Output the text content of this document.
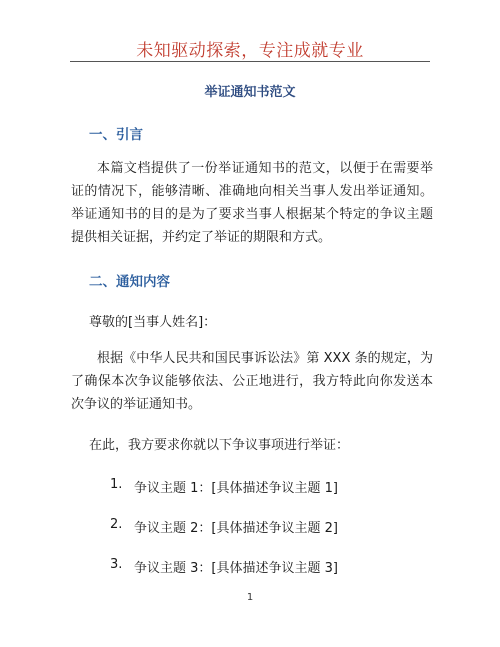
未知驱动探索，专注成就专业
举证通知书范文
一、引言
本篇文档提供了一份举证通知书的范文，以便于在需要举证的情况下，能够清晰、准确地向相关当事人发出举证通知。举证通知书的目的是为了要求当事人根据某个特定的争议主题提供相关证据，并约定了举证的期限和方式。
二、通知内容
尊敬的[当事人姓名]：
根据《中华人民共和国民事诉讼法》第 XXX 条的规定，为了确保本次争议能够依法、公正地进行，我方特此向你发送本次争议的举证通知书。
在此，我方要求你就以下争议事项进行举证：
1. 争议主题 1：[具体描述争议主题 1]
2. 争议主题 2：[具体描述争议主题 2]
3. 争议主题 3：[具体描述争议主题 3]
1
